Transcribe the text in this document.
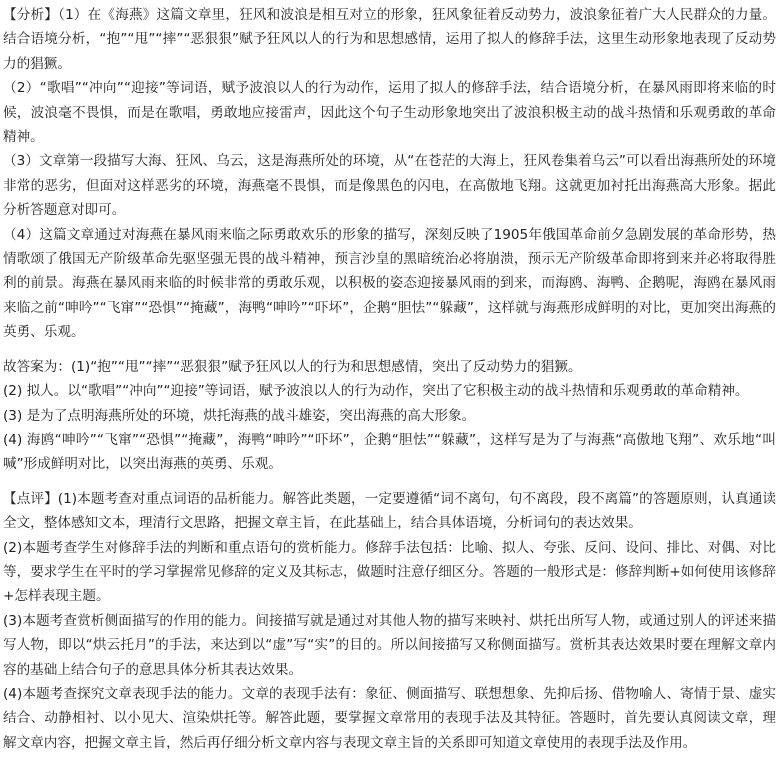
【分析】（1）在《海燕》这篇文章里，狂风和波浪是相互对立的形象，狂风象征着反动势力，波浪象征着广大人民群众的力量。结合语境分析，“抱”“甩”“摔”“恶狠狠”赋予狂风以人的行为和思想感情，运用了拟人的修辞手法，这里生动形象地表现了反动势力的猖獗。

（2）“歌唱”“冲向”“迎接”等词语，赋予波浪以人的行为动作，运用了拟人的修辞手法，结合语境分析，在暴风雨即将来临的时候，波浪毫不畏惧，而是在歌唱，勇敢地应接雷声，因此这个句子生动形象地突出了波浪积极主动的战斗热情和乐观勇敢的革命精神。

（3）文章第一段描写大海、狂风、乌云，这是海燕所处的环境，从“在苍茫的大海上，狂风卷集着乌云”可以看出海燕所处的环境非常的恶劣，但面对这样恶劣的环境，海燕毫不畏惧，而是像黑色的闪电，在高傲地飞翔。这就更加衬托出海燕高大形象。据此分析答题意对即可。

（4）这篇文章通过对海燕在暴风雨来临之际勇敢欢乐的形象的描写，深刻反映了1905年俄国革命前夕急剧发展的革命形势，热情歌颂了俄国无产阶级革命先驱坚强无畏的战斗精神，预言沙皇的黑暗统治必将崩溃，预示无产阶级革命即将到来并必将取得胜利的前景。海燕在暴风雨来临的时候非常的勇敢乐观，以积极的姿态迎接暴风雨的到来，而海鸥、海鸭、企鹅呢，海鸥在暴风雨来临之前“呻吟”“飞窜”“恐惧”“掩藏”，海鸭“呻吟”“吓坏”，企鹅“胆怯”“躲藏”，这样就与海燕形成鲜明的对比，更加突出海燕的英勇、乐观。

故答案为：(1)“抱”“甩”“摔”“恶狠狠”赋予狂风以人的行为和思想感情，突出了反动势力的猖獗。

(2) 拟人。以“歌唱”“冲向”“迎接”等词语，赋予波浪以人的行为动作，突出了它积极主动的战斗热情和乐观勇敢的革命精神。

(3) 是为了点明海燕所处的环境，烘托海燕的战斗雄姿，突出海燕的高大形象。

(4) 海鸥“呻吟”“飞窜”“恐惧”“掩藏”，海鸭“呻吟”“吓坏”，企鹅“胆怯”“躲藏”，这样写是为了与海燕“高傲地飞翔”、欢乐地“叫喊”形成鲜明对比，以突出海燕的英勇、乐观。

【点评】(1)本题考查对重点词语的品析能力。解答此类题，一定要遵循“词不离句，句不离段，段不离篇”的答题原则，认真通读全文，整体感知文本，理清行文思路，把握文章主旨，在此基础上，结合具体语境，分析词句的表达效果。

(2)本题考查学生对修辞手法的判断和重点语句的赏析能力。修辞手法包括：比喻、拟人、夸张、反问、设问、排比、对偶、对比等，要求学生在平时的学习掌握常见修辞的定义及其标志，做题时注意仔细区分。答题的一般形式是：修辞判断+如何使用该修辞+怎样表现主题。

(3)本题考查赏析侧面描写的作用的能力。间接描写就是通过对其他人物的描写来映衬、烘托出所写人物，或通过别人的评述来描写人物，即以“烘云托月”的手法，来达到以“虚”写“实”的目的。所以间接描写又称侧面描写。赏析其表达效果时要在理解文章内容的基础上结合句子的意思具体分析其表达效果。

(4)本题考查探究文章表现手法的能力。文章的表现手法有：象征、侧面描写、联想想象、先抑后扬、借物喻人、寄情于景、虚实结合、动静相衬、以小见大、渲染烘托等。解答此题，要掌握文章常用的表现手法及其特征。答题时，首先要认真阅读文章，理解文章内容，把握文章主旨，然后再仔细分析文章内容与表现文章主旨的关系即可知道文章使用的表现手法及作用。
